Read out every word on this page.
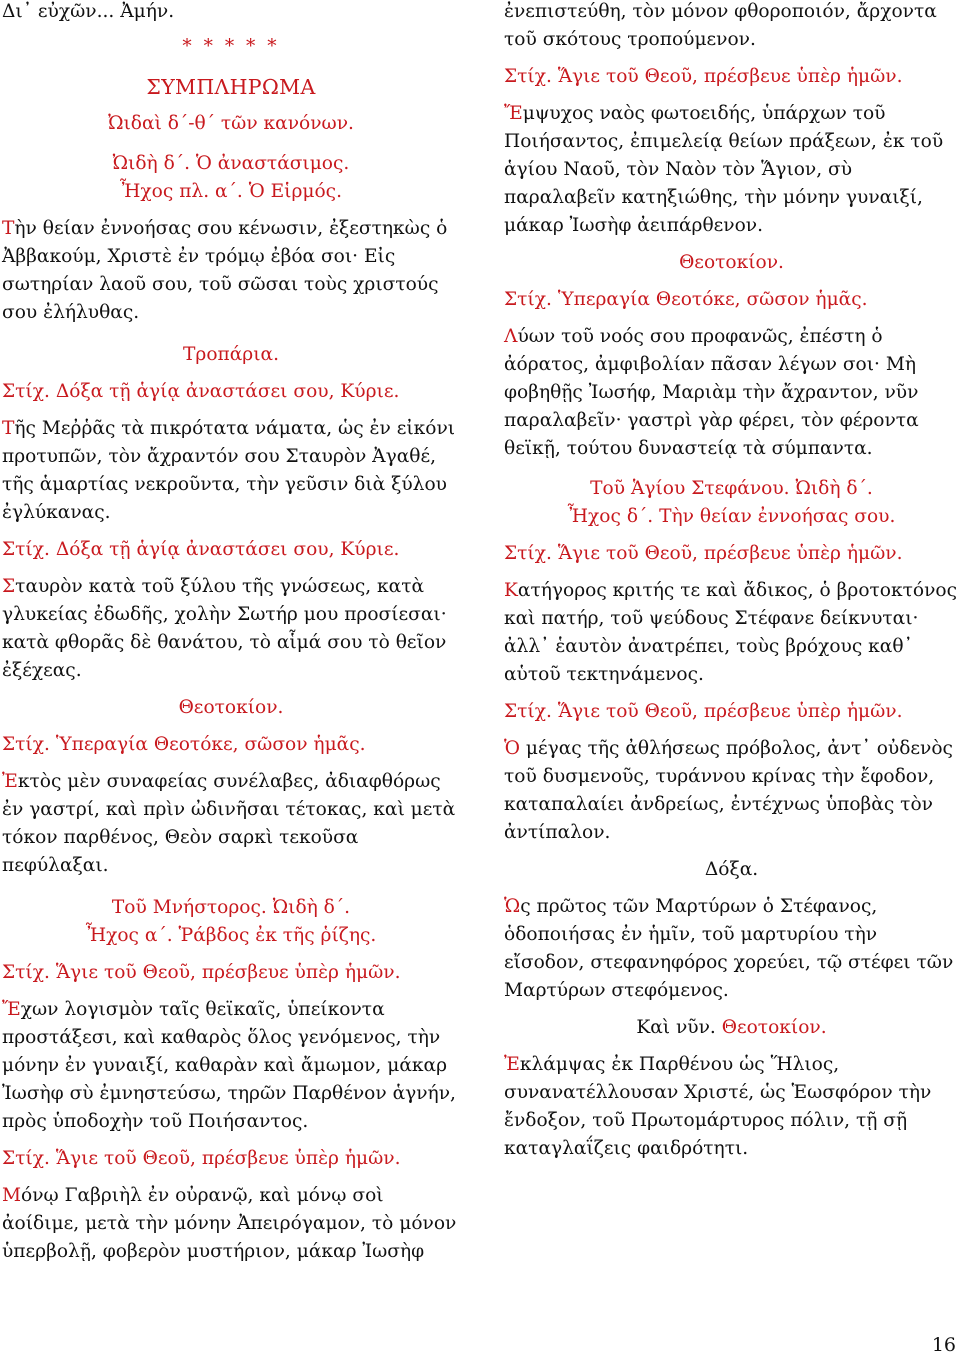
Δι᾽ εὐχῶν... Ἀμήν.

* * * * *

ΣΥΜΠΛΗΡΩΜΑ

Ὠιδαὶ δ΄-θ΄ τῶν κανόνων.

Ὠιδὴ δ΄. Ὁ ἀναστάσιμος.

Ἦχος πλ. α΄. Ὁ Εἱρμός.

Τὴν θείαν ἐννοήσας σου κένωσιν, ἐξεστηκὼς ὁ Ἀββακούμ, Χριστὲ ἐν τρόμῳ ἐβόα σοι· Εἰς σωτηρίαν λαοῦ σου, τοῦ σῶσαι τοὺς χριστούς σου ἐλήλυθας.

Τροπάρια.

Στίχ. Δόξα τῇ ἁγίᾳ ἀναστάσει σου, Κύριε.

Τῆς Μεῤῥᾶς τὰ πικρότατα νάματα, ὡς ἐν εἰκόνι προτυπῶν, τὸν ἄχραντόν σου Σταυρὸν Ἀγαθέ, τῆς ἁμαρτίας νεκροῦντα, τὴν γεῦσιν διὰ ξύλου ἐγλύκανας.

Στίχ. Δόξα τῇ ἁγίᾳ ἀναστάσει σου, Κύριε.

Σταυρὸν κατὰ τοῦ ξύλου τῆς γνώσεως, κατὰ γλυκείας ἐδωδῆς, χολὴν Σωτήρ μου προσίεσαι· κατὰ φθορᾶς δὲ θανάτου, τὸ αἷμά σου τὸ θεῖον ἐξέχεας.

Θεοτοκίον.

Στίχ. Ὑπεραγία Θεοτόκε, σῶσον ἡμᾶς.

Ἐκτὸς μὲν συναφείας συνέλαβες, ἀδιαφθόρως ἐν γαστρί, καὶ πρὶν ὠδινῆσαι τέτοκας, καὶ μετὰ τόκον παρθένος, Θεὸν σαρκὶ τεκοῦσα πεφύλαξαι.

Τοῦ Μνήστορος. Ὠιδὴ δ΄.

Ἦχος α΄. Ῥάβδος ἐκ τῆς ῥίζης.

Στίχ. Ἅγιε τοῦ Θεοῦ, πρέσβευε ὑπὲρ ἡμῶν.

Ἔχων λογισμὸν ταῖς θεϊκαῖς, ὑπείκοντα προστάξεσι, καὶ καθαρὸς ὅλος γενόμενος, τὴν μόνην ἐν γυναιξί, καθαρὰν καὶ ἄμωμον, μάκαρ Ἰωσὴφ σὺ ἐμνηστεύσω, τηρῶν Παρθένον ἁγνήν, πρὸς ὑποδοχὴν τοῦ Ποιήσαντος.

Στίχ. Ἅγιε τοῦ Θεοῦ, πρέσβευε ὑπὲρ ἡμῶν.

Μόνῳ Γαβριὴλ ἐν οὐρανῷ, καὶ μόνῳ σοὶ ἀοίδιμε, μετὰ τὴν μόνην Ἀπειρόγαμον, τὸ μόνον ὑπερβολῇ, φοβερὸν μυστήριον, μάκαρ Ἰωσὴφ

ἐνεπιστεύθη, τὸν μόνον φθοροποιόν, ἄρχοντα τοῦ σκότους τροπούμενον.

Στίχ. Ἅγιε τοῦ Θεοῦ, πρέσβευε ὑπὲρ ἡμῶν.

Ἔμψυχος ναὸς φωτοειδής, ὑπάρχων τοῦ Ποιήσαντος, ἐπιμελείᾳ θείων πράξεων, ἐκ τοῦ ἁγίου Ναοῦ, τὸν Ναὸν τὸν Ἅγιον, σὺ παραλαβεῖν κατηξιώθης, τὴν μόνην γυναιξί, μάκαρ Ἰωσὴφ ἀειπάρθενον.

Θεοτοκίον.

Στίχ. Ὑπεραγία Θεοτόκε, σῶσον ἡμᾶς.

Λύων τοῦ νοός σου προφανῶς, ἐπέστη ὁ ἀόρατος, ἀμφιβολίαν πᾶσαν λέγων σοι· Μὴ φοβηθῇς Ἰωσήφ, Μαριὰμ τὴν ἄχραντον, νῦν παραλαβεῖν· γαστρὶ γὰρ φέρει, τὸν φέροντα θεϊκῇ, τούτου δυναστείᾳ τὰ σύμπαντα.

Τοῦ Ἁγίου Στεφάνου. Ὠιδὴ δ΄.

Ἦχος δ΄. Τὴν θείαν ἐννοήσας σου.

Στίχ. Ἅγιε τοῦ Θεοῦ, πρέσβευε ὑπὲρ ἡμῶν.

Κατήγορος κριτής τε καὶ ἄδικος, ὁ βροτοκτόνος καὶ πατήρ, τοῦ ψεύδους Στέφανε δείκνυται· ἀλλ᾽ ἑαυτὸν ἀνατρέπει, τοὺς βρόχους καθ᾽ αὑτοῦ τεκτηνάμενος.

Στίχ. Ἅγιε τοῦ Θεοῦ, πρέσβευε ὑπὲρ ἡμῶν.

Ὁ μέγας τῆς ἀθλήσεως πρόβολος, ἀντ᾽ οὐδενὸς τοῦ δυσμενοῦς, τυράννου κρίνας τὴν ἔφοδον, καταπαλαίει ἀνδρείως, ἐντέχνως ὑποβὰς τὸν ἀντίπαλον.

Δόξα.

Ὡς πρῶτος τῶν Μαρτύρων ὁ Στέφανος, ὁδοποιήσας ἐν ἡμῖν, τοῦ μαρτυρίου τὴν εἴσοδον, στεφανηφόρος χορεύει, τῷ στέφει τῶν Μαρτύρων στεφόμενος.

Καὶ νῦν. Θεοτοκίον.

Ἐκλάμψας ἐκ Παρθένου ὡς Ἥλιος, συνανατέλλουσαν Χριστέ, ὡς Ἑωσφόρον τὴν ἔνδοξον, τοῦ Πρωτομάρτυρος πόλιν, τῇ σῇ καταγλαΐζεις φαιδρότητι.

16
